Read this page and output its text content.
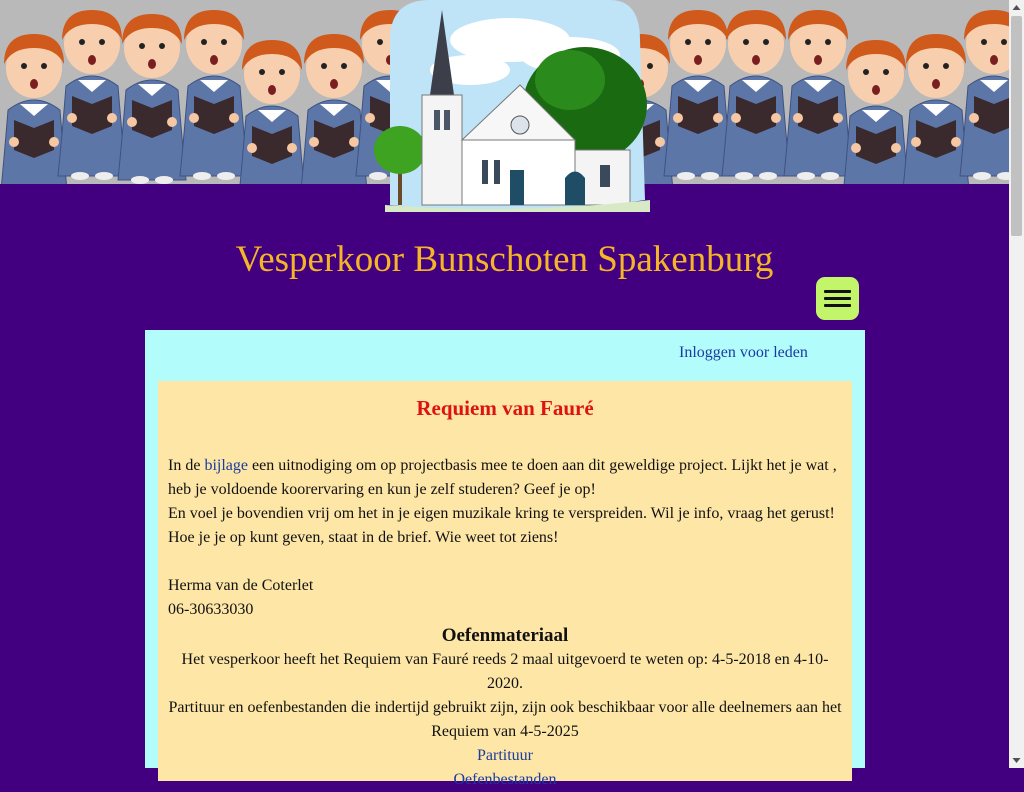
Vesperkoor Bunschoten Spakenburg
Inloggen voor leden
Requiem van Fauré
In de bijlage een uitnodiging om op projectbasis mee te doen aan dit geweldige project. Lijkt het je wat , heb je voldoende koorervaring en kun je zelf studeren? Geef je op!
En voel je bovendien vrij om het in je eigen muzikale kring te verspreiden. Wil je info, vraag het gerust!
Hoe je je op kunt geven, staat in de brief. Wie weet tot ziens!
Herma van de Coterlet
06-30633030
Oefenmateriaal
Het vesperkoor heeft het Requiem van Fauré reeds 2 maal uitgevoerd te weten op: 4-5-2018 en 4-10-2020.
Partituur en oefenbestanden die indertijd gebruikt zijn, zijn ook beschikbaar voor alle deelnemers aan het Requiem van 4-5-2025
Partituur
Oefenbestanden
